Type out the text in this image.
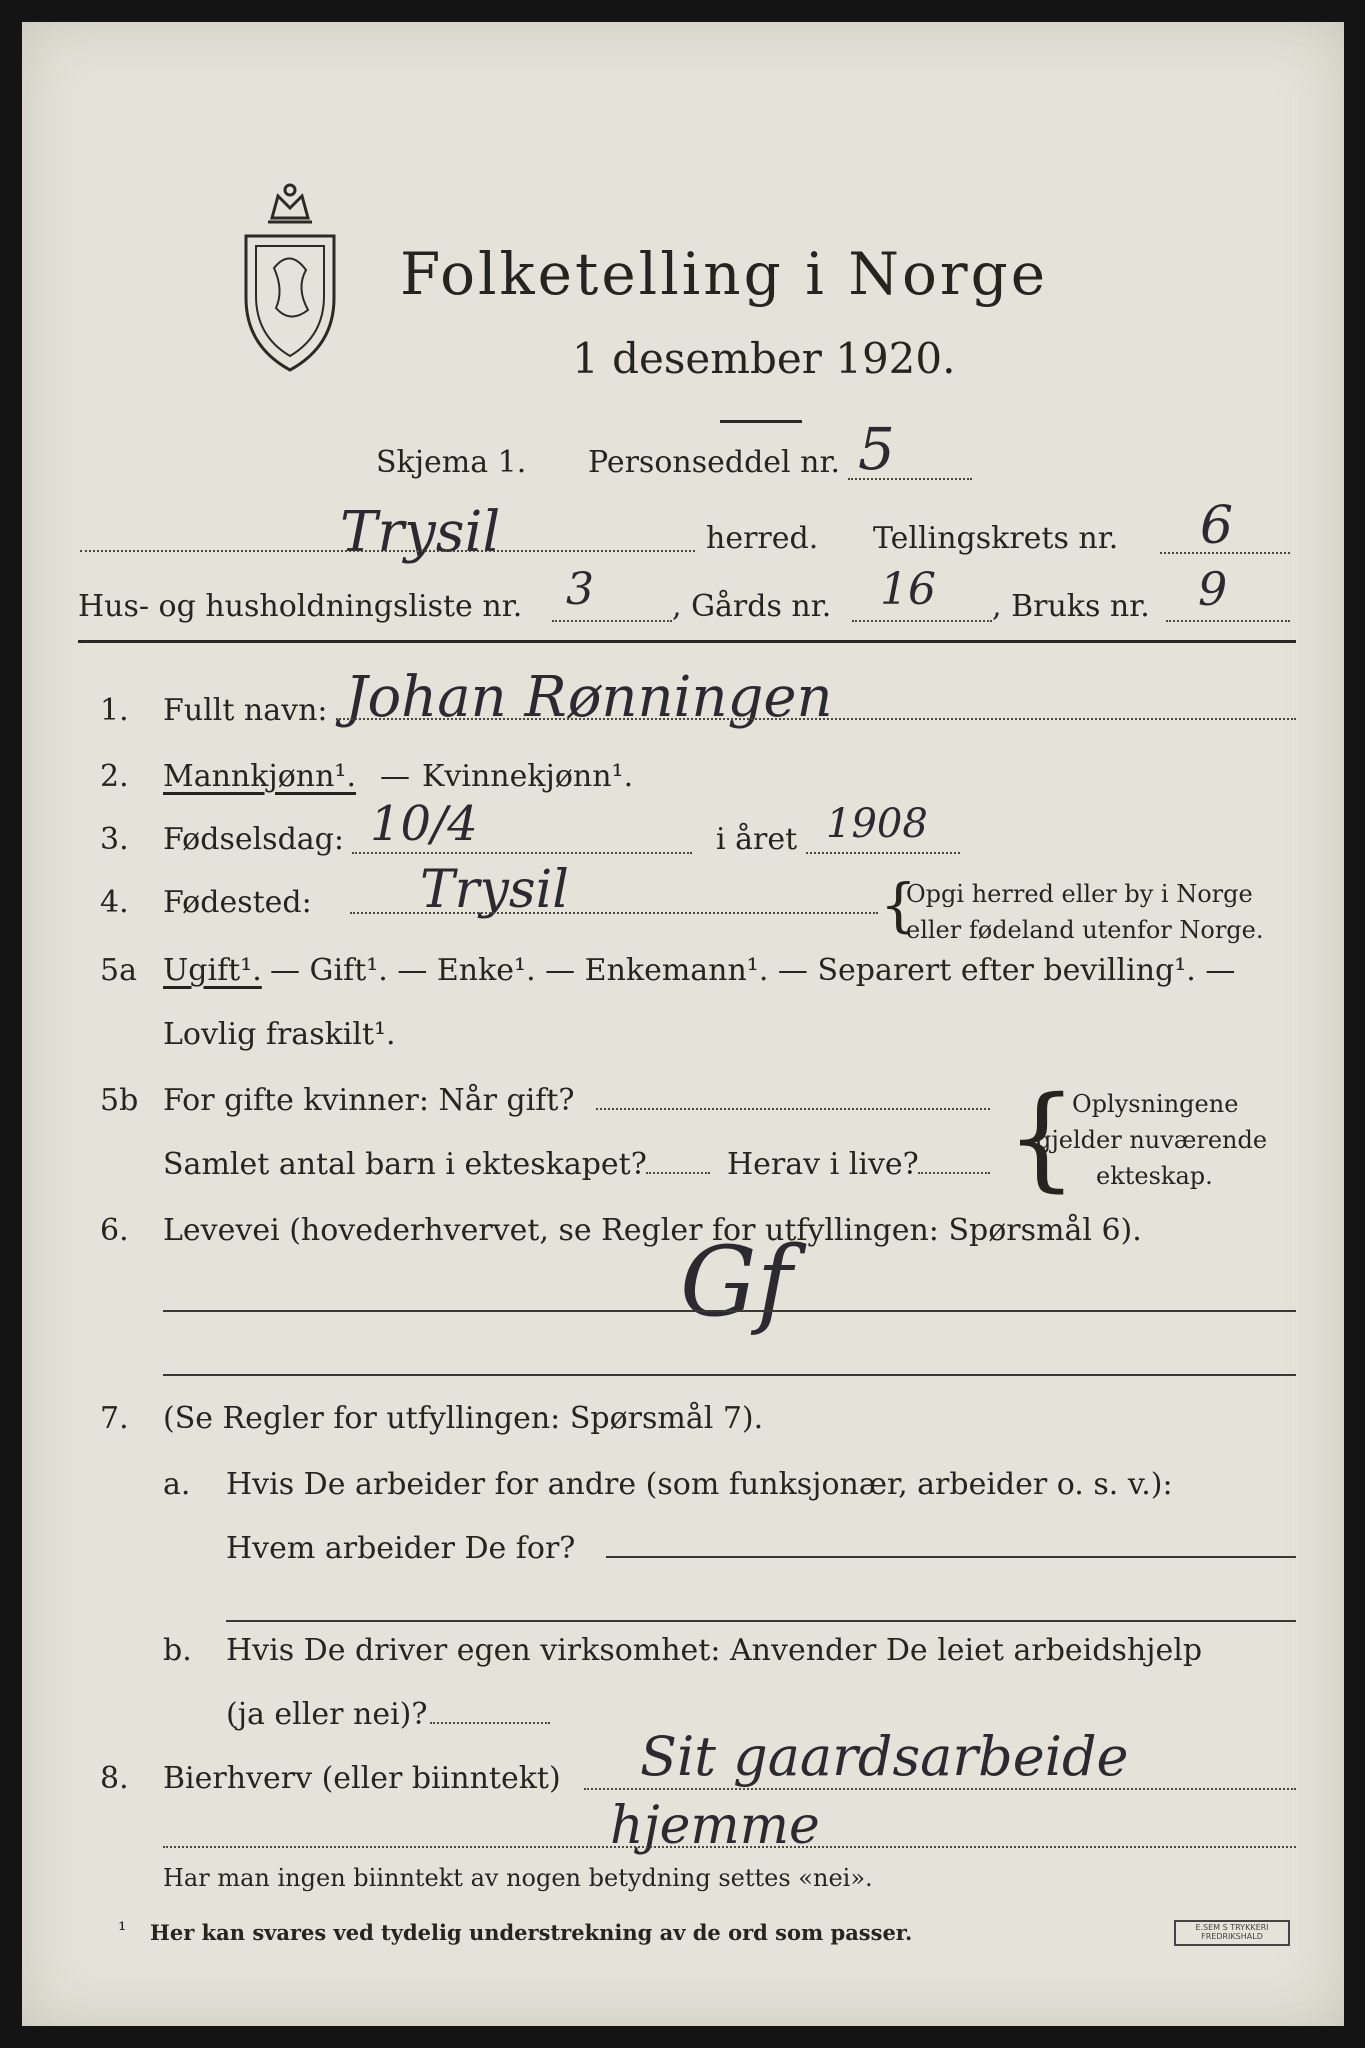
Folketelling i Norge
1 desember 1920.
Skjema 1. Personseddel nr. 5
Trysil	herred. Tellingskrets nr. 6
Hus- og husholdningsliste nr. 3	, Gårds nr. 16 , Bruks nr. 9
1. Fullt navn: Johan Rønningen
2. Mannkjønn¹. — Kvinnekjønn¹.
3. Fødselsdag: 10/4	i året 1908
4. Fødested: Trysil	{
Opgi herred eller by i Norge
eller fødeland utenfor Norge.
5a Ugift¹. — Gift¹. — Enke¹. — Enkemann¹. — Separert efter bevilling¹. —
Lovlig fraskilt¹.
5b For gifte kvinner: Når gift?
Samlet antal barn i ekteskapet?	Herav i live? {
Oplysningene
gjelder nuværende
ekteskap.
6. Levevei (hovederhvervet, se Regler for utfyllingen: Spørsmål 6).
Gf
7. (Se Regler for utfyllingen: Spørsmål 7).
a. Hvis De arbeider for andre (som funksjonær, arbeider o. s. v.):
Hvem arbeider De for?
b. Hvis De driver egen virksomhet: Anvender De leiet arbeidshjelp
(ja eller nei)?
8. Bierhverv (eller biinntekt) Sit gaardsarbeide
hjemme
Har man ingen biinntekt av nogen betydning settes «nei».
¹ Her kan svares ved tydelig understrekning av de ord som passer.	E.SEM S TRYKKERI
FREDRIKSHALD
